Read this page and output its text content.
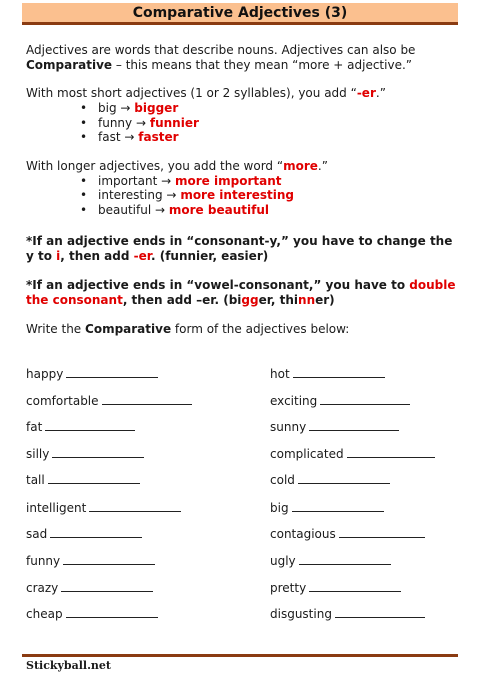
Comparative Adjectives (3)
Adjectives are words that describe nouns. Adjectives can also be
Comparative – this means that they mean “more + adjective.”
With most short adjectives (1 or 2 syllables), you add “-er.”
• big → bigger
• funny → funnier
• fast → faster
With longer adjectives, you add the word “more.”
• important → more important
• interesting → more interesting
• beautiful → more beautiful
*If an adjective ends in “consonant-y,” you have to change the
y to i, then add -er. (funnier, easier)
*If an adjective ends in “vowel-consonant,” you have to double
the consonant, then add –er. (bigger, thinner)
Write the Comparative form of the adjectives below:
happy
comfortable
fat
silly
tall
intelligent
sad
funny
crazy
cheap
hot
exciting
sunny
complicated
cold
big
contagious
ugly
pretty
disgusting
Stickyball.net
